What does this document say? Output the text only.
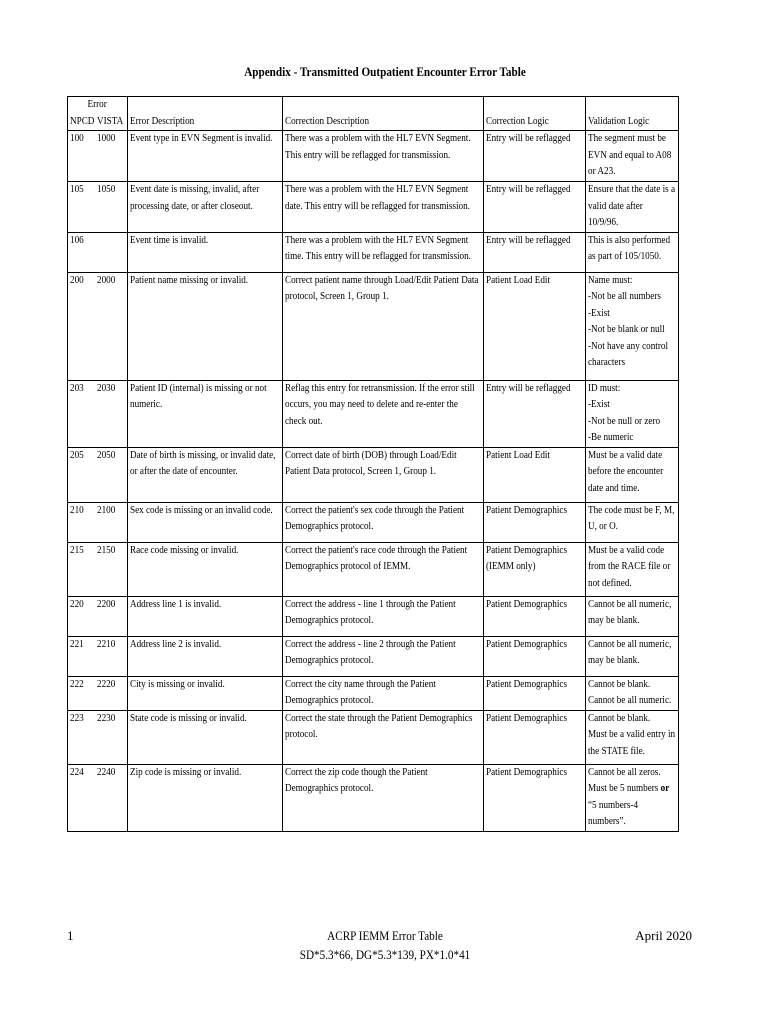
Appendix - Transmitted Outpatient Encounter Error Table
Error					

NPCD	VISTA	Error Description	Correction Description	Correction Logic	Validation Logic

100	1000	Event type in EVN Segment is invalid.	There was a problem with the HL7 EVN Segment. This entry will be reflagged for transmission.	Entry will be reflagged	The segment must be EVN and equal to A08 or A23.

105	1050	Event date is missing, invalid, after processing date, or after closeout.	There was a problem with the HL7 EVN Segment date. This entry will be reflagged for transmission.	Entry will be reflagged	Ensure that the date is a valid date after 10/9/96.

106		Event time is invalid.	There was a problem with the HL7 EVN Segment time. This entry will be reflagged for transmission.	Entry will be reflagged	This is also performed as part of 105/1050.

200	2000	Patient name missing or invalid.	Correct patient name through Load/Edit Patient Data protocol, Screen 1, Group 1.	Patient Load Edit	Name must:
-Not be all numbers
-Exist
-Not be blank or null
-Not have any control characters

203	2030	Patient ID (internal) is missing or not numeric.	Reflag this entry for retransmission. If the error still occurs, you may need to delete and re-enter the check out.	Entry will be reflagged	ID must:
-Exist
-Not be null or zero
-Be numeric

205	2050	Date of birth is missing, or invalid date, or after the date of encounter.	Correct date of birth (DOB) through Load/Edit Patient Data protocol, Screen 1, Group 1.	Patient Load Edit	Must be a valid date before the encounter date and time.

210	2100	Sex code is missing or an invalid code.	Correct the patient's sex code through the Patient Demographics protocol.	Patient Demographics	The code must be F, M, U, or O.

215	2150	Race code missing or invalid.	Correct the patient's race code through the Patient Demographics protocol of IEMM.	Patient Demographics (IEMM only)	Must be a valid code from the RACE file or not defined.

220	2200	Address line 1 is invalid.	Correct the address - line 1 through the Patient Demographics protocol.	Patient Demographics	Cannot be all numeric, may be blank.

221	2210	Address line 2 is invalid.	Correct the address - line 2 through the Patient Demographics protocol.	Patient Demographics	Cannot be all numeric, may be blank.

222	2220	City is missing or invalid.	Correct the city name through the Patient Demographics protocol.	Patient Demographics	Cannot be blank.
Cannot be all numeric.

223	2230	State code is missing or invalid.	Correct the state through the Patient Demographics protocol.	Patient Demographics	Cannot be blank.
Must be a valid entry in the STATE file.

224	2240	Zip code is missing or invalid.	Correct the zip code though the Patient Demographics protocol.	Patient Demographics	Cannot be all zeros.
Must be 5 numbers or “5 numbers-4 numbers”.
1	ACRP IEMM Error Table
SD*5.3*66, DG*5.3*139, PX*1.0*41
April 2020
